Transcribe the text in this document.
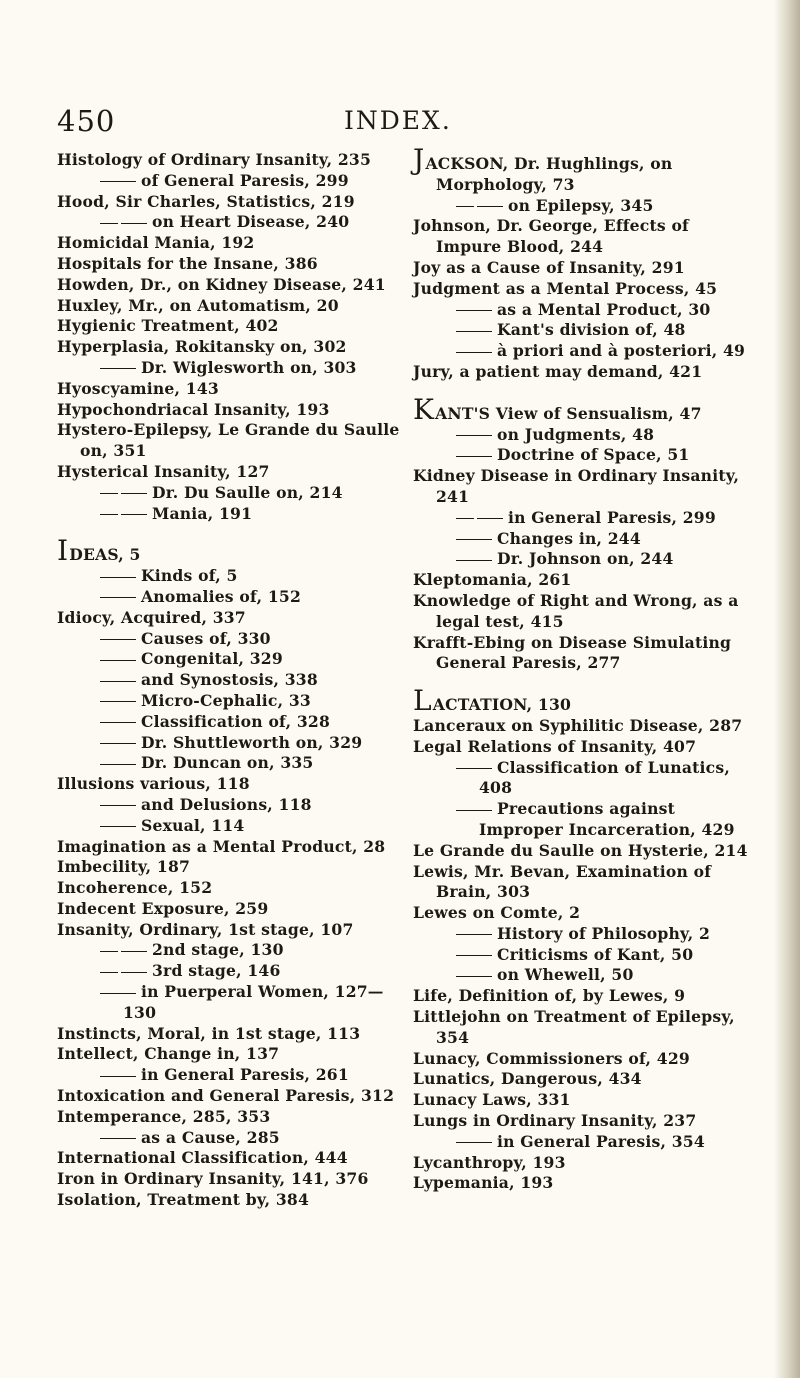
450	INDEX.

Histology of Ordinary Insanity, 235

of General Paresis, 299

Hood, Sir Charles, Statistics, 219

on Heart Disease, 240

Homicidal Mania, 192

Hospitals for the Insane, 386

Howden, Dr., on Kidney Disease, 241

Huxley, Mr., on Automatism, 20

Hygienic Treatment, 402

Hyperplasia, Rokitansky on, 302

Dr. Wiglesworth on, 303

Hyoscyamine, 143

Hypochondriacal Insanity, 193

Hystero-Epilepsy, Le Grande du Saulle on, 351

Hysterical Insanity, 127

Dr. Du Saulle on, 214

Mania, 191

IDEAS, 5

Kinds of, 5

Anomalies of, 152

Idiocy, Acquired, 337

Causes of, 330

Congenital, 329

and Synostosis, 338

Micro-Cephalic, 33

Classification of, 328

Dr. Shuttleworth on, 329

Dr. Duncan on, 335

Illusions various, 118

and Delusions, 118

Sexual, 114

Imagination as a Mental Product, 28

Imbecility, 187

Incoherence, 152

Indecent Exposure, 259

Insanity, Ordinary, 1st stage, 107

2nd stage, 130

3rd stage, 146

in Puerperal Women, 127—130

Instincts, Moral, in 1st stage, 113

Intellect, Change in, 137

in General Paresis, 261

Intoxication and General Paresis, 312

Intemperance, 285, 353

as a Cause, 285

International Classification, 444

Iron in Ordinary Insanity, 141, 376

Isolation, Treatment by, 384

JACKSON, Dr. Hughlings, on Morphology, 73

on Epilepsy, 345

Johnson, Dr. George, Effects of Impure Blood, 244

Joy as a Cause of Insanity, 291

Judgment as a Mental Process, 45

as a Mental Product, 30

Kant's division of, 48

à priori and à posteriori, 49

Jury, a patient may demand, 421

KANT'S View of Sensualism, 47

on Judgments, 48

Doctrine of Space, 51

Kidney Disease in Ordinary Insanity, 241

in General Paresis, 299

Changes in, 244

Dr. Johnson on, 244

Kleptomania, 261

Knowledge of Right and Wrong, as a legal test, 415

Krafft-Ebing on Disease Simulating General Paresis, 277

LACTATION, 130

Lanceraux on Syphilitic Disease, 287

Legal Relations of Insanity, 407

Classification of Lunatics, 408

Precautions against Improper Incarceration, 429

Le Grande du Saulle on Hysterie, 214

Lewis, Mr. Bevan, Examination of Brain, 303

Lewes on Comte, 2

History of Philosophy, 2

Criticisms of Kant, 50

on Whewell, 50

Life, Definition of, by Lewes, 9

Littlejohn on Treatment of Epilepsy, 354

Lunacy, Commissioners of, 429

Lunatics, Dangerous, 434

Lunacy Laws, 331

Lungs in Ordinary Insanity, 237

in General Paresis, 354

Lycanthropy, 193

Lypemania, 193
